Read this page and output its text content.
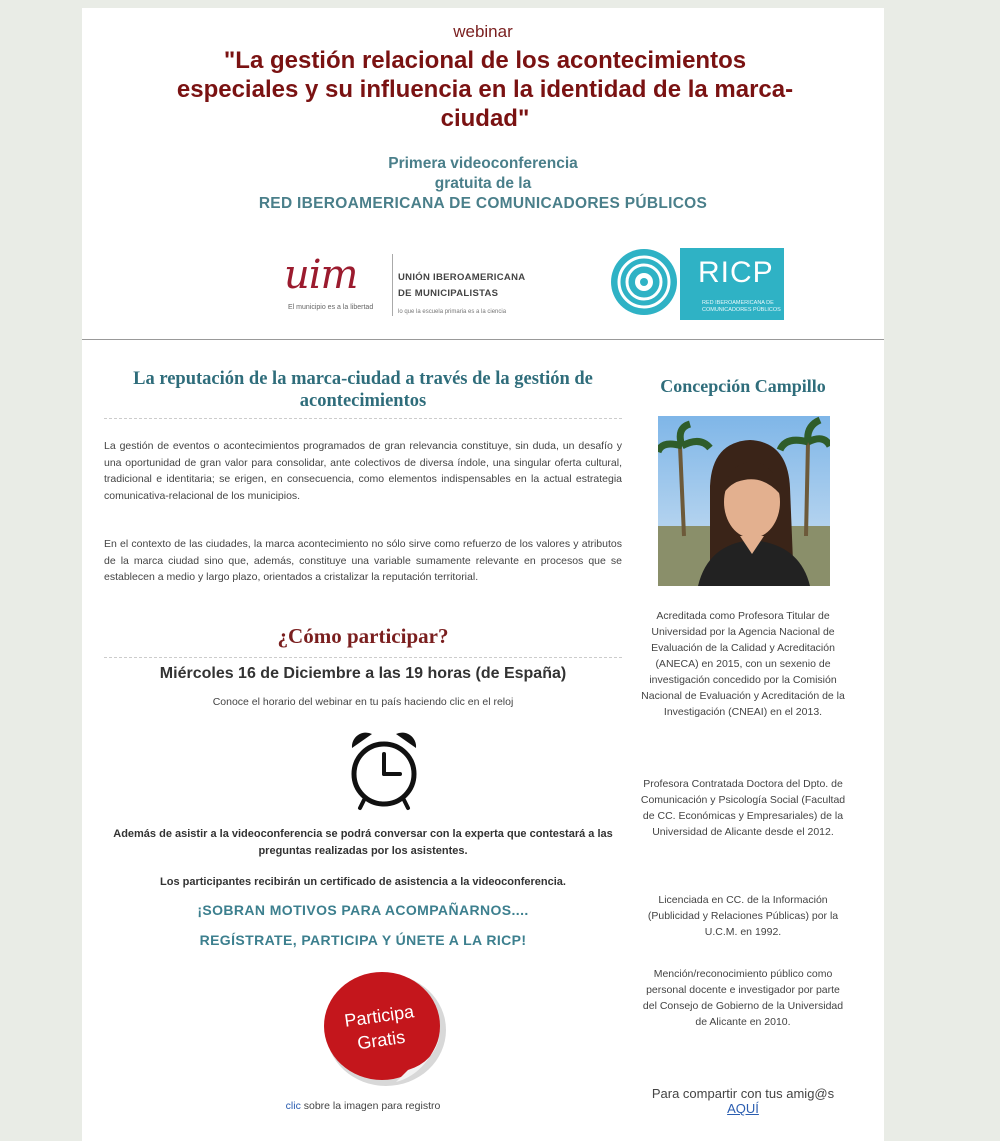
webinar
"La gestión relacional de los acontecimientos especiales y su influencia en la identidad de la marca-ciudad"
Primera videoconferencia
gratuita de la
RED IBEROAMERICANA DE COMUNICADORES PÚBLICOS
uim
El municipio es a la libertad
UNIÓN IBEROAMERICANA
DE MUNICIPALISTAS
lo que la escuela primaria es a la ciencia
RICP
RED IBEROAMERICANA DE COMUNICADORES PÚBLICOS
La reputación de la marca-ciudad a través de la gestión de acontecimientos

La gestión de eventos o acontecimientos programados de gran relevancia constituye, sin duda, un desafío y una oportunidad de gran valor para consolidar, ante colectivos de diversa índole, una singular oferta cultural, tradicional e identitaria; se erigen, en consecuencia, como elementos indispensables en la actual estrategia comunicativa-relacional de los municipios.

En el contexto de las ciudades, la marca acontecimiento no sólo sirve como refuerzo de los valores y atributos de la marca ciudad sino que, además, constituye una variable sumamente relevante en procesos que se establecen a medio y largo plazo, orientados a cristalizar la reputación territorial.

¿Cómo participar?
Miércoles 16 de Diciembre a las 19 horas (de España)
Conoce el horario del webinar en tu país haciendo clic en el reloj
Además de asistir a la videoconferencia se podrá conversar con la experta que contestará a las preguntas realizadas por los asistentes.
Los participantes recibirán un certificado de asistencia a la videoconferencia.
¡SOBRAN MOTIVOS PARA ACOMPAÑARNOS....
REGÍSTRATE, PARTICIPA Y ÚNETE A LA RICP!
Participa
Gratis
clic sobre la imagen para registro
Concepción Campillo

Acreditada como Profesora Titular de Universidad por la Agencia Nacional de Evaluación de la Calidad y Acreditación (ANECA) en 2015, con un sexenio de investigación concedido por la Comisión Nacional de Evaluación y Acreditación de la Investigación (CNEAI) en el 2013.

Profesora Contratada Doctora del Dpto. de Comunicación y Psicología Social (Facultad de CC. Económicas y Empresariales) de la Universidad de Alicante desde el 2012.

Licenciada en CC. de la Información (Publicidad y Relaciones Públicas) por la U.C.M. en 1992.

Mención/reconocimiento público como personal docente e investigador por parte del Consejo de Gobierno de la Universidad de Alicante en 2010.

Para compartir con tus amig@s
AQUÍ
